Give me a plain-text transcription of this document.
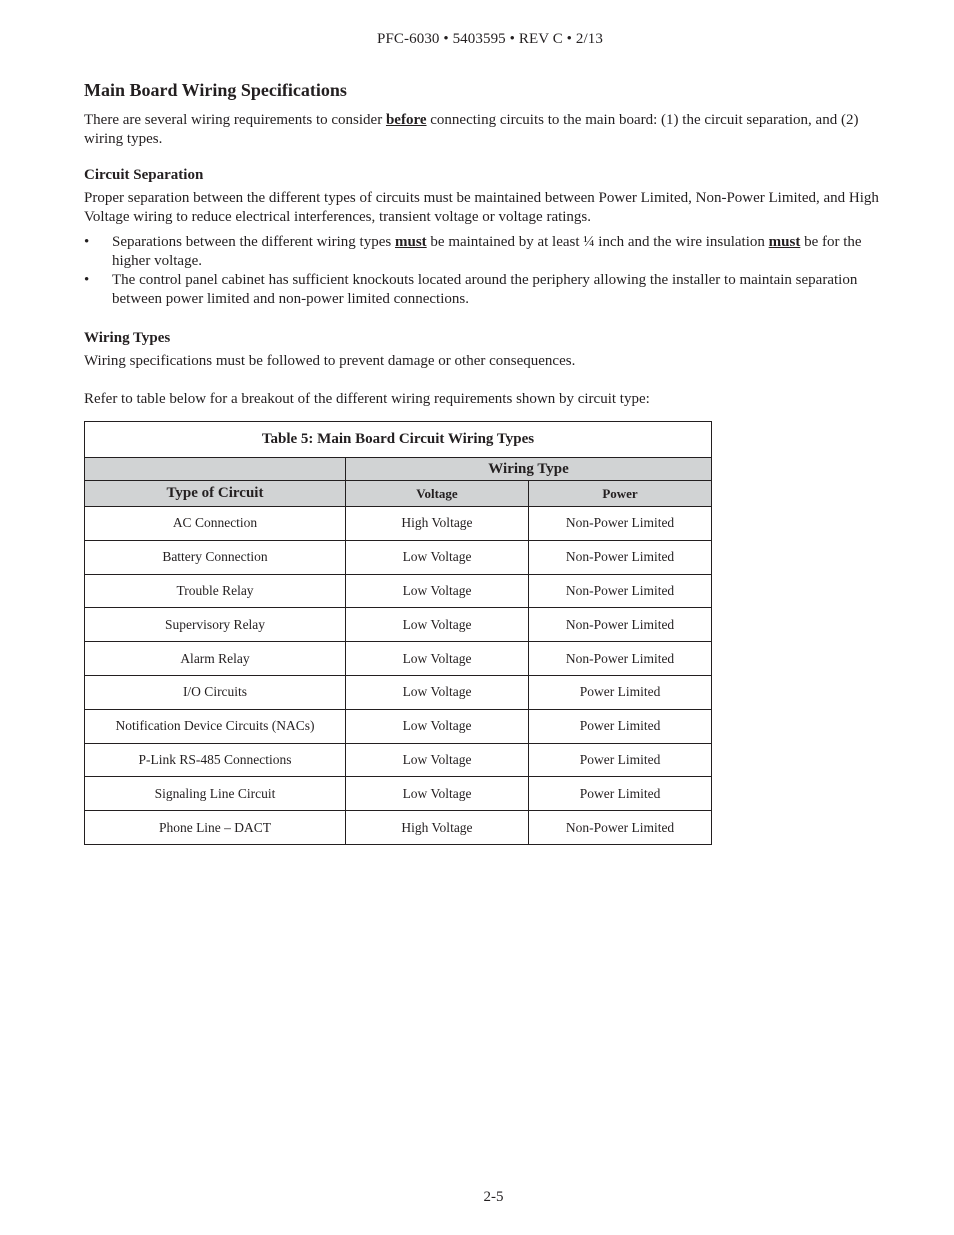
PFC-6030 • 5403595 • REV C • 2/13
Main Board Wiring Specifications

There are several wiring requirements to consider before connecting circuits to the main board: (1) the circuit separation, and (2) wiring types.

Circuit Separation

Proper separation between the different types of circuits must be maintained between Power Limited, Non-Power Limited, and High Voltage wiring to reduce electrical interferences, transient voltage or voltage ratings.

• Separations between the different wiring types must be maintained by at least ¼ inch and the wire insulation must be for the higher voltage.
• The control panel cabinet has sufficient knockouts located around the periphery allowing the installer to maintain separation between power limited and non-power limited connections.
Wiring Types

Wiring specifications must be followed to prevent damage or other consequences.

Refer to table below for a breakout of the different wiring requirements shown by circuit type:

Table 5: Main Board Circuit Wiring Types		
	Wiring Type	
Type of Circuit	Voltage	Power
AC Connection	High Voltage	Non-Power Limited
Battery Connection	Low Voltage	Non-Power Limited
Trouble Relay	Low Voltage	Non-Power Limited
Supervisory Relay	Low Voltage	Non-Power Limited
Alarm Relay	Low Voltage	Non-Power Limited
I/O Circuits	Low Voltage	Power Limited
Notification Device Circuits (NACs)	Low Voltage	Power Limited
P-Link RS-485 Connections	Low Voltage	Power Limited
Signaling Line Circuit	Low Voltage	Power Limited
Phone Line – DACT	High Voltage	Non-Power Limited
2-5
